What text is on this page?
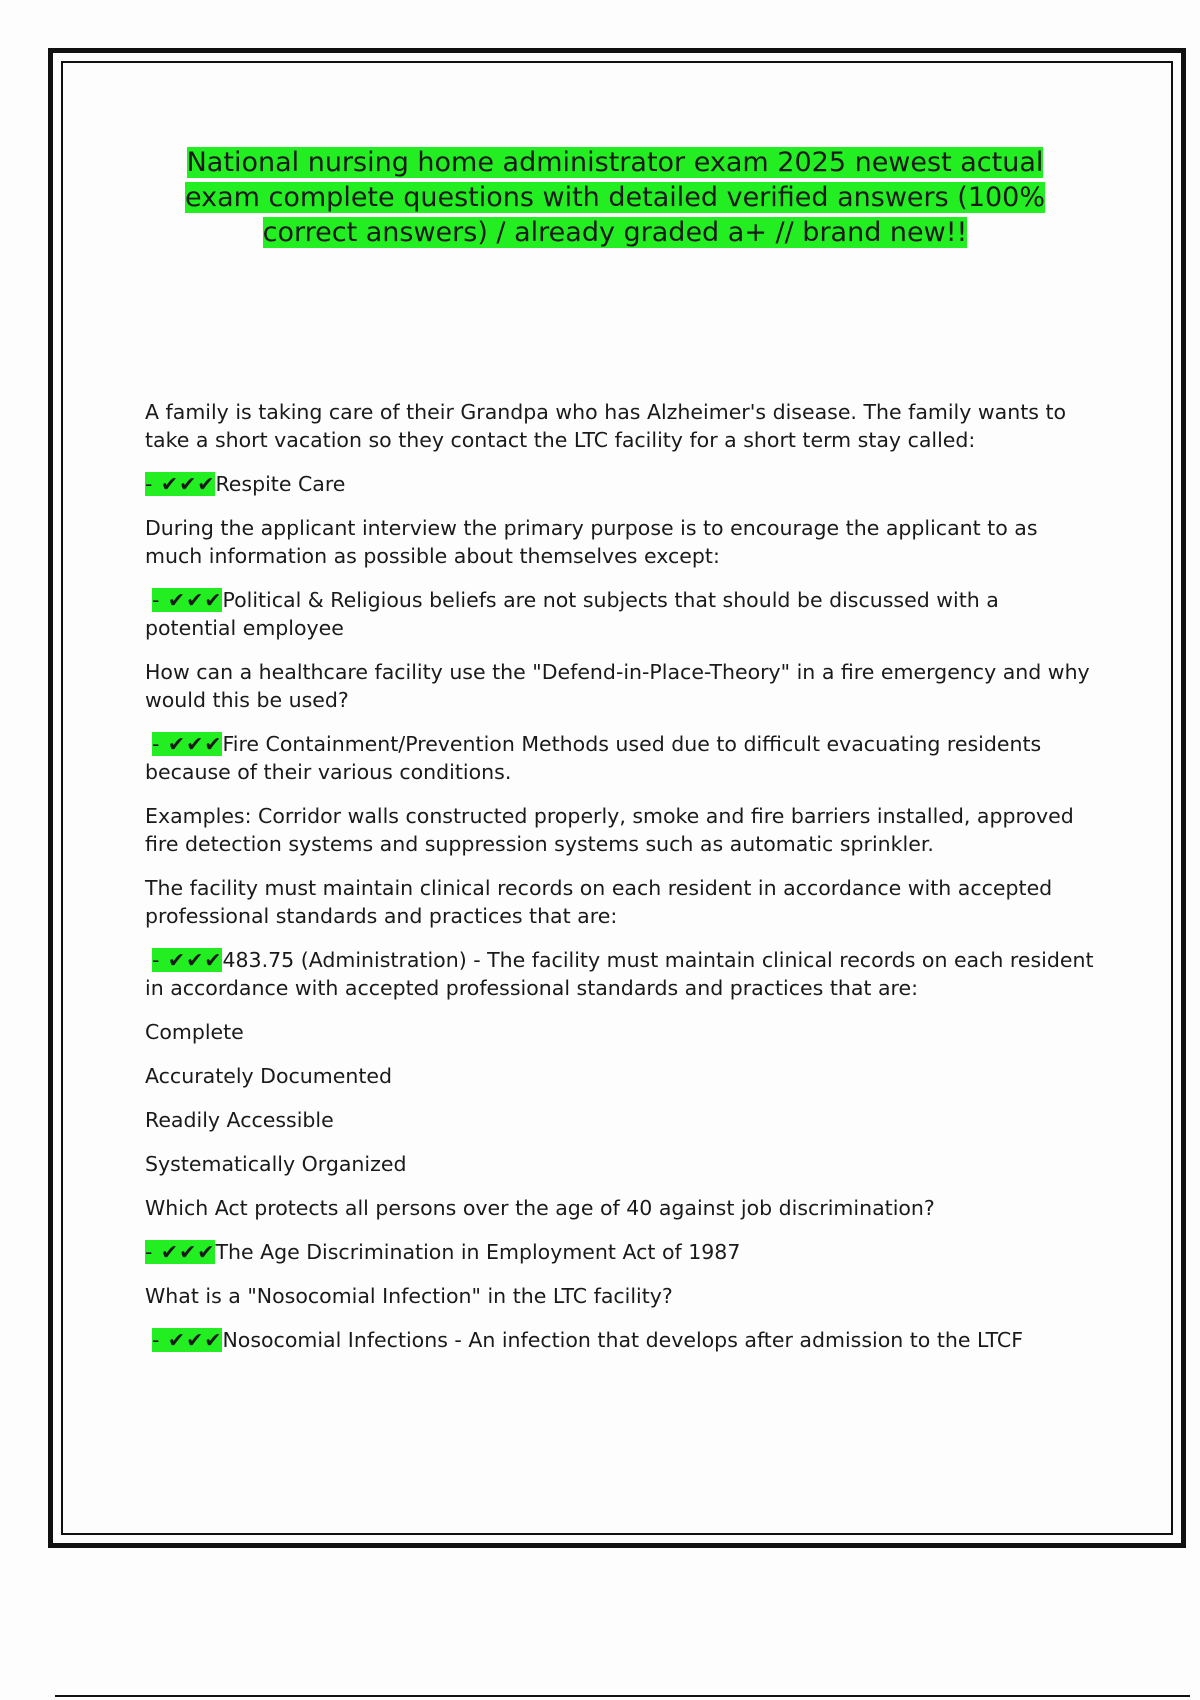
National nursing home administrator exam 2025 newest actual exam complete questions with detailed verified answers (100% correct answers) / already graded a+ // brand new!!

A family is taking care of their Grandpa who has Alzheimer's disease. The family wants to take a short vacation so they contact the LTC facility for a short term stay called:

- ✔✔✔Respite Care

During the applicant interview the primary purpose is to encourage the applicant to as much information as possible about themselves except:

- ✔✔✔Political & Religious beliefs are not subjects that should be discussed with a potential employee

How can a healthcare facility use the "Defend-in-Place-Theory" in a fire emergency and why would this be used?

- ✔✔✔Fire Containment/Prevention Methods used due to difficult evacuating residents because of their various conditions.

Examples: Corridor walls constructed properly, smoke and fire barriers installed, approved fire detection systems and suppression systems such as automatic sprinkler.

The facility must maintain clinical records on each resident in accordance with accepted professional standards and practices that are:

- ✔✔✔483.75 (Administration) - The facility must maintain clinical records on each resident in accordance with accepted professional standards and practices that are:

Complete

Accurately Documented

Readily Accessible

Systematically Organized

Which Act protects all persons over the age of 40 against job discrimination?

- ✔✔✔The Age Discrimination in Employment Act of 1987

What is a "Nosocomial Infection" in the LTC facility?

- ✔✔✔Nosocomial Infections - An infection that develops after admission to the LTCF
